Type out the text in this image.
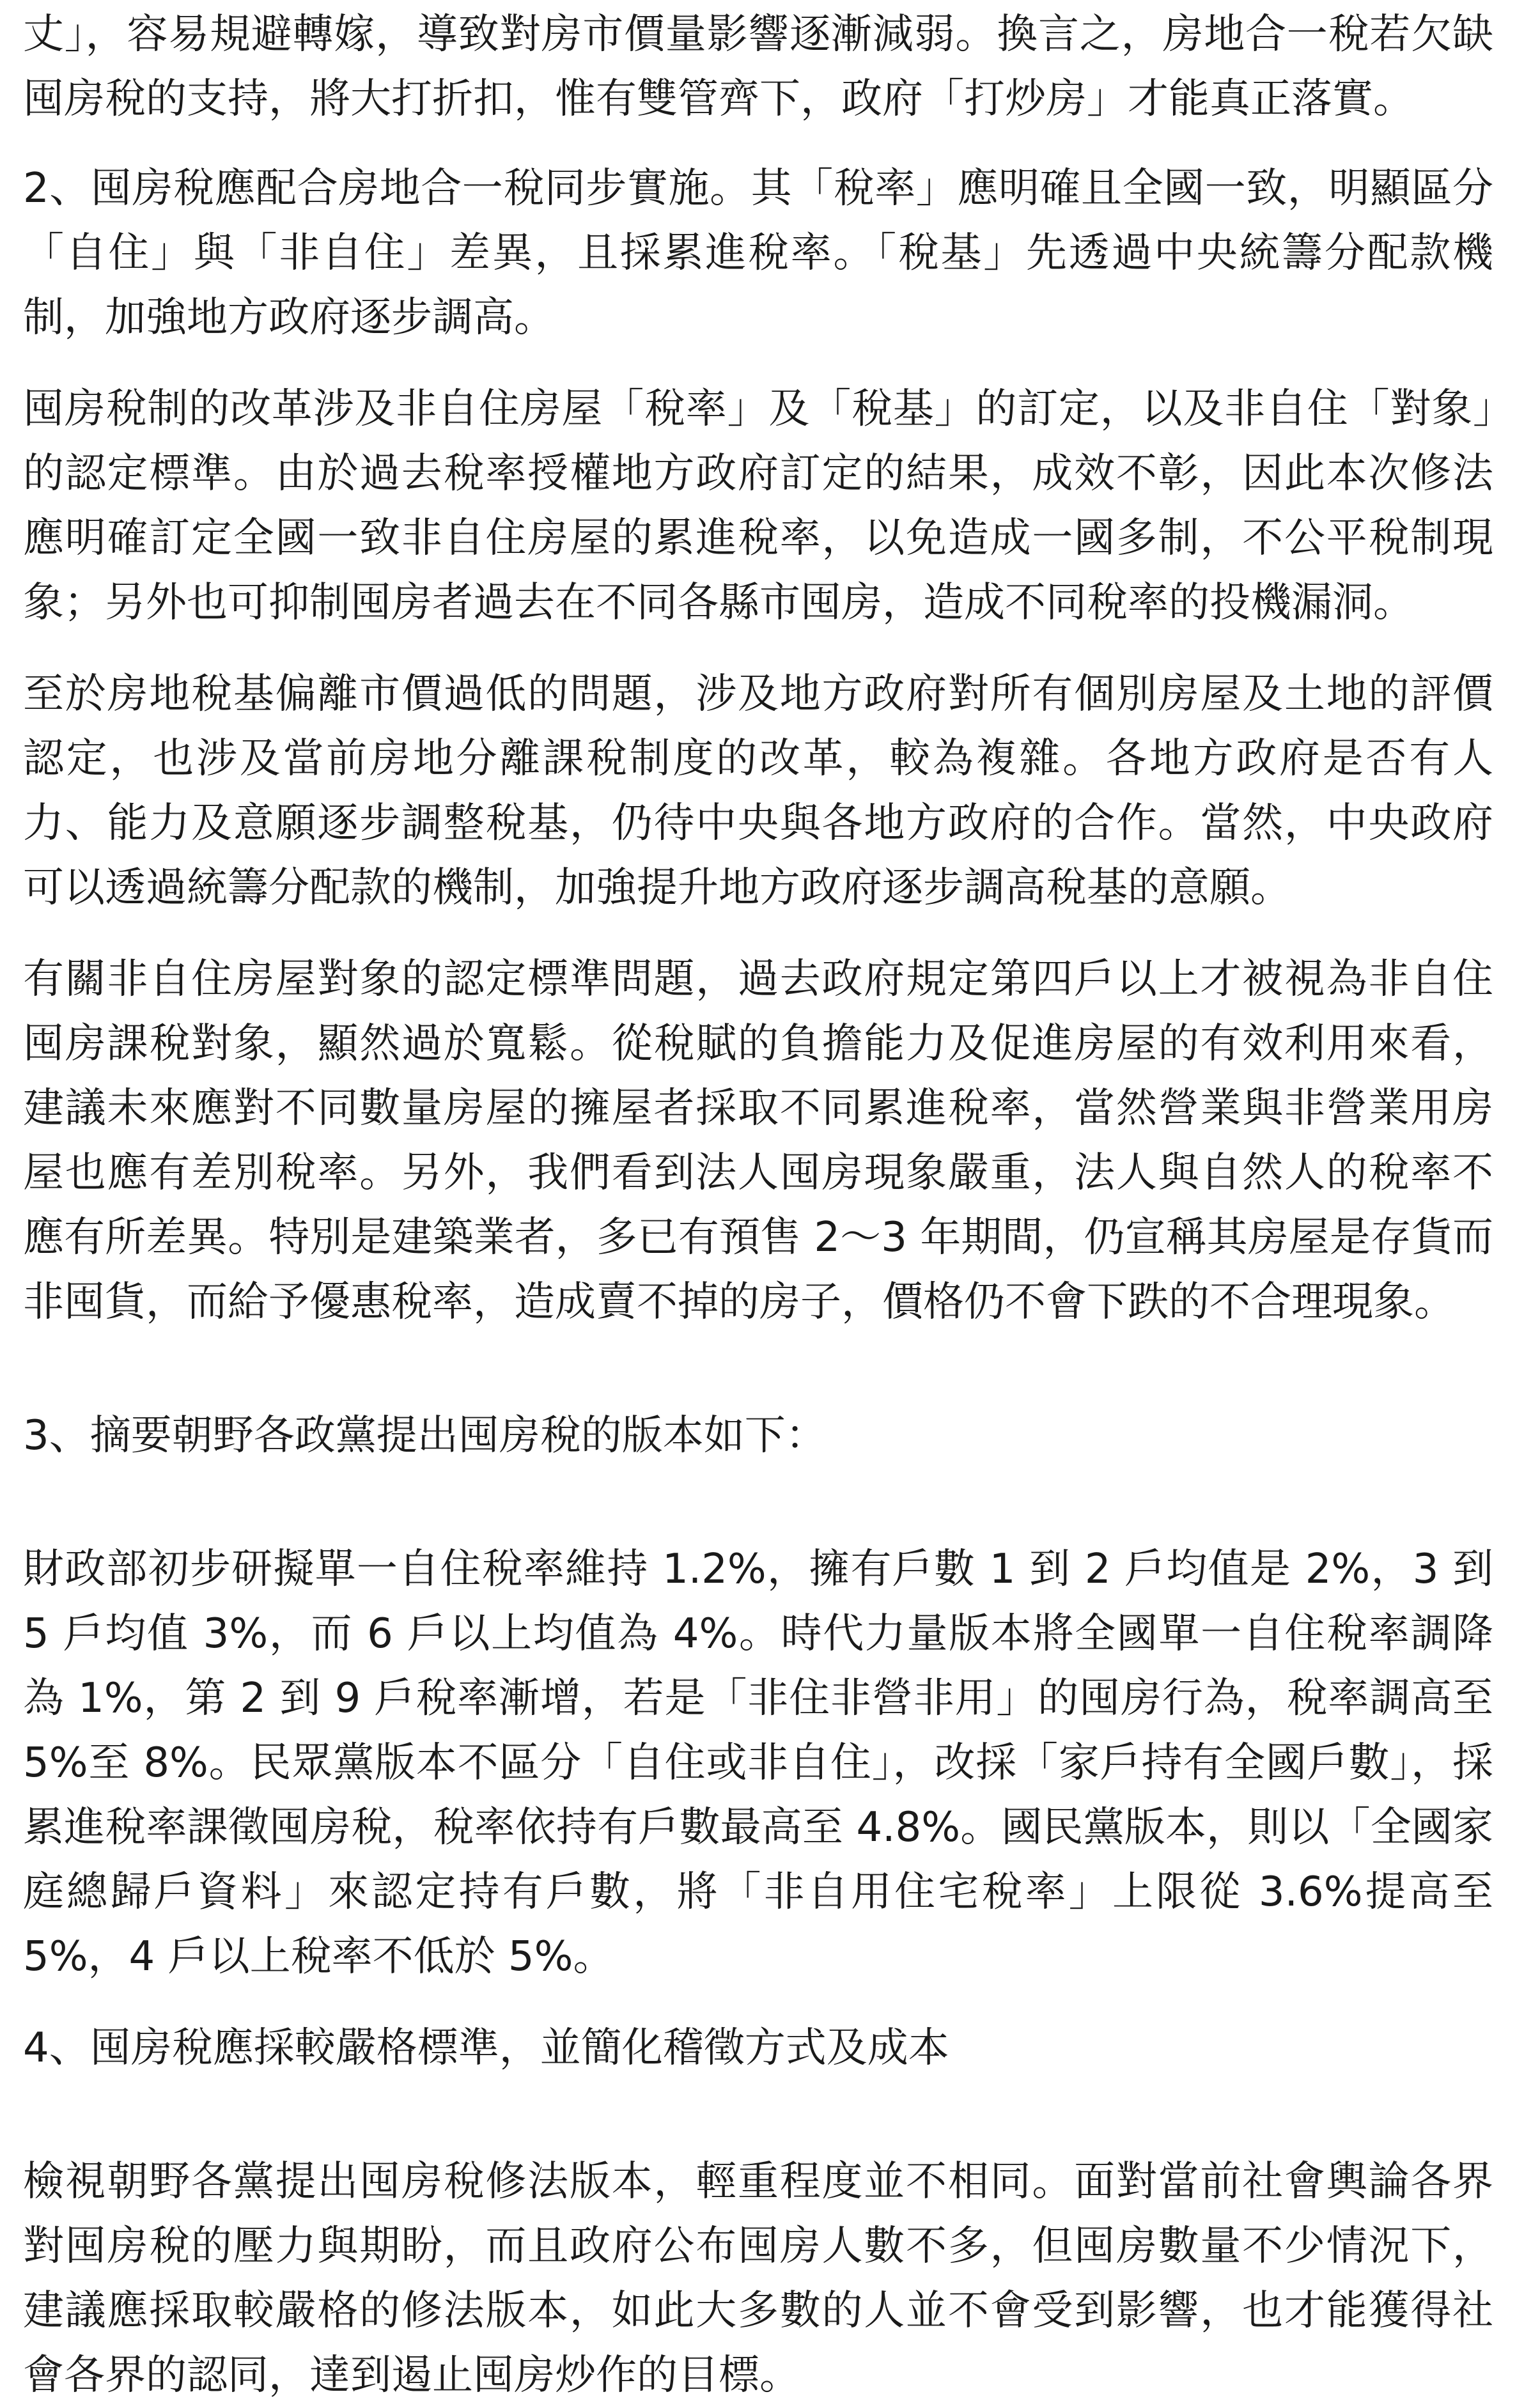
丈」，容易規避轉嫁，導致對房市價量影響逐漸減弱。換言之，房地合一稅若欠缺囤房稅的支持，將大打折扣，惟有雙管齊下，政府「打炒房」才能真正落實。

2、囤房稅應配合房地合一稅同步實施。其「稅率」應明確且全國一致，明顯區分「自住」與「非自住」差異，且採累進稅率。「稅基」先透過中央統籌分配款機制，加強地方政府逐步調高。

囤房稅制的改革涉及非自住房屋「稅率」及「稅基」的訂定，以及非自住「對象」的認定標準。由於過去稅率授權地方政府訂定的結果，成效不彰，因此本次修法應明確訂定全國一致非自住房屋的累進稅率，以免造成一國多制，不公平稅制現象；另外也可抑制囤房者過去在不同各縣市囤房，造成不同稅率的投機漏洞。

至於房地稅基偏離市價過低的問題，涉及地方政府對所有個別房屋及土地的評價認定，也涉及當前房地分離課稅制度的改革，較為複雜。各地方政府是否有人力、能力及意願逐步調整稅基，仍待中央與各地方政府的合作。當然，中央政府可以透過統籌分配款的機制，加強提升地方政府逐步調高稅基的意願。

有關非自住房屋對象的認定標準問題，過去政府規定第四戶以上才被視為非自住囤房課稅對象，顯然過於寬鬆。從稅賦的負擔能力及促進房屋的有效利用來看，建議未來應對不同數量房屋的擁屋者採取不同累進稅率，當然營業與非營業用房屋也應有差別稅率。另外，我們看到法人囤房現象嚴重，法人與自然人的稅率不應有所差異。特別是建築業者，多已有預售 2～3 年期間，仍宣稱其房屋是存貨而非囤貨，而給予優惠稅率，造成賣不掉的房子，價格仍不會下跌的不合理現象。

3、摘要朝野各政黨提出囤房稅的版本如下：

財政部初步研擬單一自住稅率維持 1.2%，擁有戶數 1 到 2 戶均值是 2%，3 到 5 戶均值 3%，而 6 戶以上均值為 4%。時代力量版本將全國單一自住稅率調降為 1%，第 2 到 9 戶稅率漸增，若是「非住非營非用」的囤房行為，稅率調高至 5%至 8%。民眾黨版本不區分「自住或非自住」，改採「家戶持有全國戶數」，採累進稅率課徵囤房稅，稅率依持有戶數最高至 4.8%。國民黨版本，則以「全國家庭總歸戶資料」來認定持有戶數，將「非自用住宅稅率」上限從 3.6%提高至 5%，4 戶以上稅率不低於 5%。

4、囤房稅應採較嚴格標準，並簡化稽徵方式及成本

檢視朝野各黨提出囤房稅修法版本，輕重程度並不相同。面對當前社會輿論各界對囤房稅的壓力與期盼，而且政府公布囤房人數不多，但囤房數量不少情況下，建議應採取較嚴格的修法版本，如此大多數的人並不會受到影響，也才能獲得社會各界的認同，達到遏止囤房炒作的目標。
